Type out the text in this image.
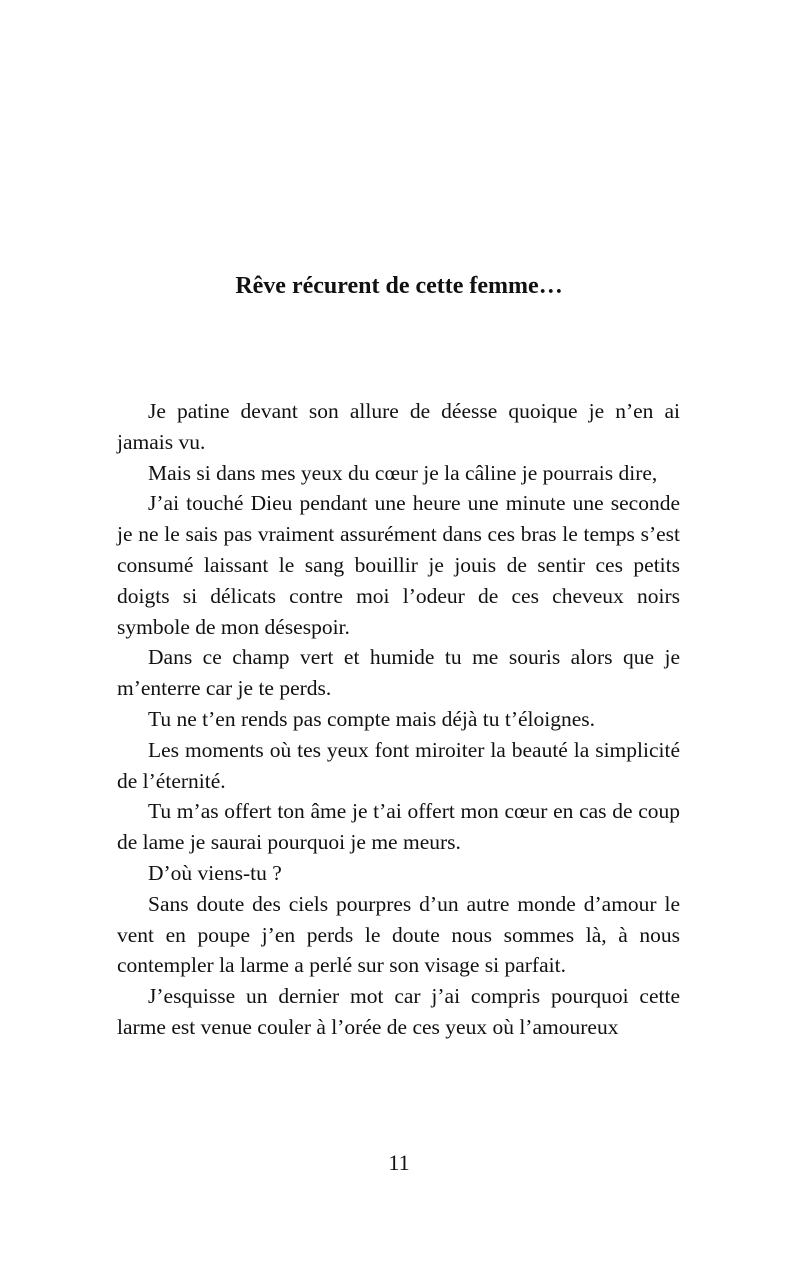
Rêve récurent de cette femme…

Je patine devant son allure de déesse quoique je n’en ai jamais vu.

Mais si dans mes yeux du cœur je la câline je pourrais dire,

J’ai touché Dieu pendant une heure une minute une seconde je ne le sais pas vraiment assurément dans ces bras le temps s’est consumé laissant le sang bouillir je jouis de sentir ces petits doigts si délicats contre moi l’odeur de ces cheveux noirs symbole de mon désespoir.

Dans ce champ vert et humide tu me souris alors que je m’enterre car je te perds.

Tu ne t’en rends pas compte mais déjà tu t’éloignes.

Les moments où tes yeux font miroiter la beauté la simplicité de l’éternité.

Tu m’as offert ton âme je t’ai offert mon cœur en cas de coup de lame je saurai pourquoi je me meurs.

D’où viens-tu ?

Sans doute des ciels pourpres d’un autre monde d’amour le vent en poupe j’en perds le doute nous sommes là, à nous contempler la larme a perlé sur son visage si parfait.

J’esquisse un dernier mot car j’ai compris pourquoi cette larme est venue couler à l’orée de ces yeux où l’amoureux

11
